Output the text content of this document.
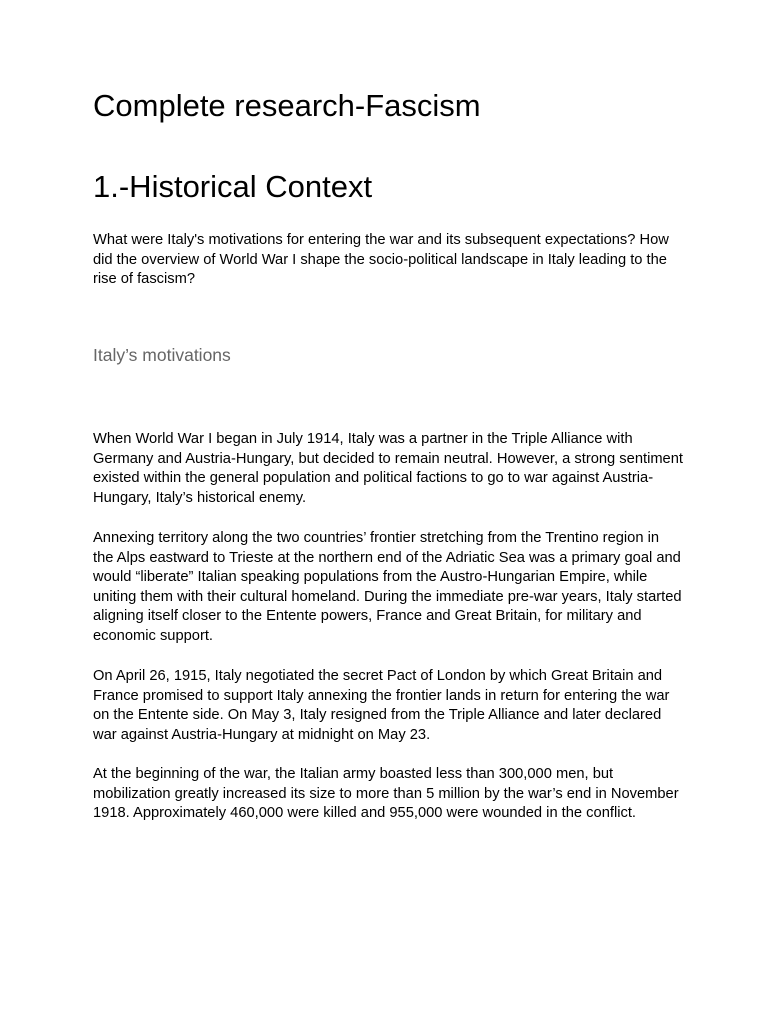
Complete research-Fascism
1.-Historical Context

What were Italy's motivations for entering the war and its subsequent expectations? How did the overview of World War I shape the socio-political landscape in Italy leading to the rise of fascism?

Italy’s motivations

When World War I began in July 1914, Italy was a partner in the Triple Alliance with Germany and Austria-Hungary, but decided to remain neutral. However, a strong sentiment existed within the general population and political factions to go to war against Austria-Hungary, Italy’s historical enemy.

Annexing territory along the two countries’ frontier stretching from the Trentino region in the Alps eastward to Trieste at the northern end of the Adriatic Sea was a primary goal and would “liberate” Italian speaking populations from the Austro-Hungarian Empire, while uniting them with their cultural homeland. During the immediate pre-war years, Italy started aligning itself closer to the Entente powers, France and Great Britain, for military and economic support.

On April 26, 1915, Italy negotiated the secret Pact of London by which Great Britain and France promised to support Italy annexing the frontier lands in return for entering the war on the Entente side. On May 3, Italy resigned from the Triple Alliance and later declared war against Austria-Hungary at midnight on May 23.

At the beginning of the war, the Italian army boasted less than 300,000 men, but mobilization greatly increased its size to more than 5 million by the war’s end in November 1918. Approximately 460,000 were killed and 955,000 were wounded in the conflict.
